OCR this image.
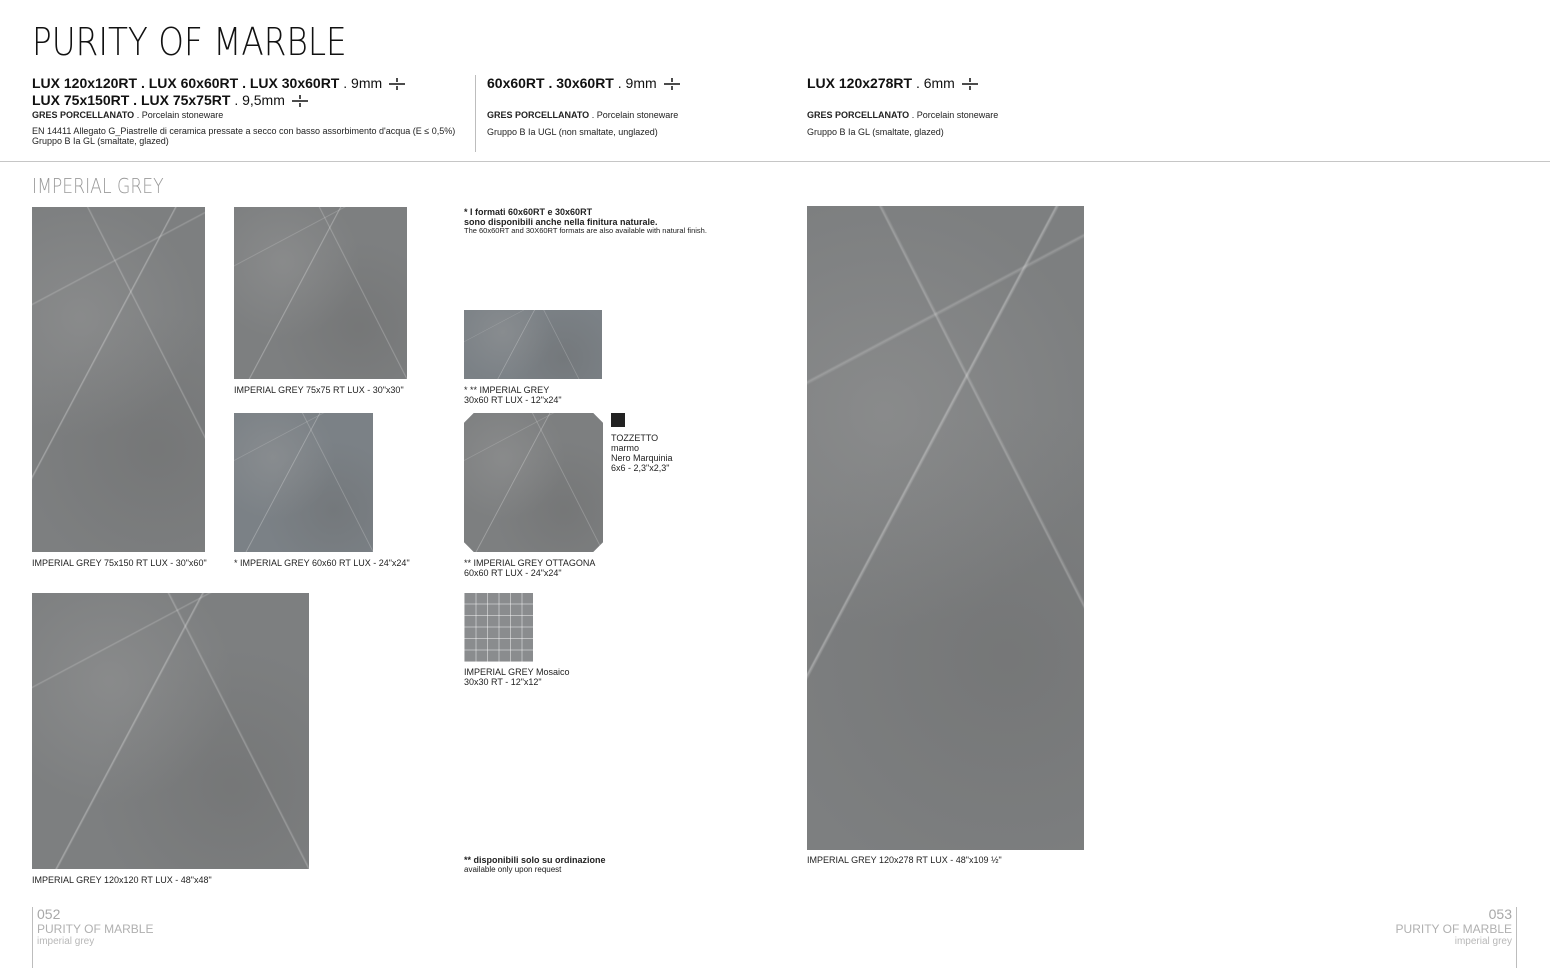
PURITY OF MARBLE
LUX 120x120RT . LUX 60x60RT . LUX 30x60RT . 9mm
LUX 75x150RT . LUX 75x75RT . 9,5mm
GRES PORCELLANATO . Porcelain stoneware
EN 14411 Allegato G_Piastrelle di ceramica pressate a secco con basso assorbimento d'acqua (E ≤ 0,5%)
Gruppo B Ia GL (smaltate, glazed)
60x60RT . 30x60RT . 9mm
GRES PORCELLANATO . Porcelain stoneware
Gruppo B Ia UGL (non smaltate, unglazed)
LUX 120x278RT . 6mm
GRES PORCELLANATO . Porcelain stoneware
Gruppo B Ia GL (smaltate, glazed)
IMPERIAL GREY
IMPERIAL GREY 75x150 RT LUX - 30"x60"
IMPERIAL GREY 75x75 RT LUX - 30"x30"
* IMPERIAL GREY 60x60 RT LUX - 24"x24"
IMPERIAL GREY 120x120 RT LUX - 48"x48"
* I formati 60x60RT e 30x60RT
sono disponibili anche nella finitura naturale.
The 60x60RT and 30X60RT formats are also available with natural finish.
* ** IMPERIAL GREY
30x60 RT LUX - 12"x24"
TOZZETTO
marmo
Nero Marquinia
6x6 - 2,3"x2,3"
** IMPERIAL GREY OTTAGONA
60x60 RT LUX - 24"x24"
IMPERIAL GREY Mosaico
30x30 RT - 12"x12"
** disponibili solo su ordinazione
available only upon request
IMPERIAL GREY 120x278 RT LUX - 48"x109 ½"
052
PURITY OF MARBLE
imperial grey
053
PURITY OF MARBLE
imperial grey
